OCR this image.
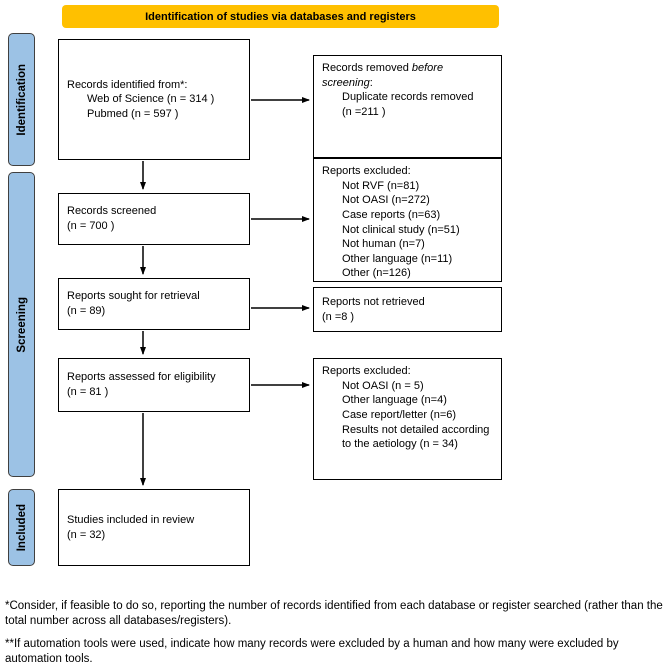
Identification of studies via databases and registers
Identification
Screening
Included
Records identified from*:
Web of Science (n = 314 )
Pubmed (n = 597 )
Records screened
(n = 700 )
Reports sought for retrieval
(n = 89)
Reports assessed for eligibility
(n = 81 )
Studies included in review
(n = 32)
Records removed before screening:
Duplicate records removed
(n =211 )
Reports excluded:
Not RVF (n=81)
Not OASI (n=272)
Case reports (n=63)
Not clinical study (n=51)
Not human (n=7)
Other language (n=11)
Other (n=126)
Reports not retrieved
(n =8 )
Reports excluded:
Not OASI (n = 5)
Other language (n=4)
Case report/letter (n=6)
Results not detailed according to the aetiology (n = 34)
*Consider, if feasible to do so, reporting the number of records identified from each database or register searched (rather than the total number across all databases/registers).
**If automation tools were used, indicate how many records were excluded by a human and how many were excluded by automation tools.
